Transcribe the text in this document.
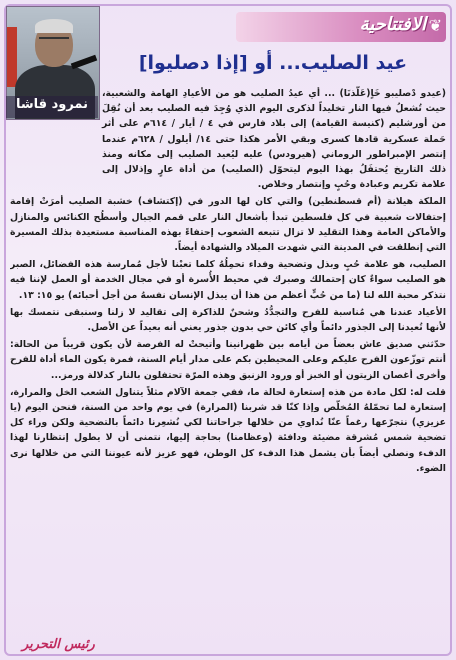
❦
الافتتاحية
نمرود قاشا
عيد الصليب... أو [إذا دصليوا]

(عيدو دْصليبو خَاٍ(عَلَّذنَا) ... أي عيدُ الصليب هو من الأعيادِ الهامة والشعبية، حيث تُشعلُ فيها النار تخليداً لذكرى اليوم الذي وُجِدَ فيه الصليب بعد أن نُقِلَ من أورشليم (كنيسة القيامة) إلى بلاد فارس في ٤ / أيار / ٦١٤م على أثر حَملة عسكرية قادها كسرى وبقي الأمر هكذا حتى ١٤/ أيلول / ٦٢٨م عندما إنتصر الإمبراطور الروماني (هيرودس) عليه ليُعيد الصليب إلى مكانه ومنذ ذلك التاريخ يُحتفَلُ بهذا اليوم ليتحوّل (الصليب) من أداة عارٍ وإذلال إلى علامة تكريم وعبادة وحُبٍ وإنتصار وخلاص.

الملكة هيلانة (أم قسطنطين) والتي كان لها الدور في (إكتشاف) خشبة الصليب أمرَتْ إقامة إحتفالات شعبية في كل فلسطين تبدأ بأشعال النار على قمم الجبال وأسطُح الكنائس والمنازل والأماكن العامة وهذا التقليد لا تزال تتبعه الشعوب إحتفاءً بهذه المناسبة مستعيدة بذلك المسيرة التي إنطلقت في المدينة التي شهدت الميلاد والشهادة أيضاً.

الصليب، هو علامة حُبٍ وبذل وتضحية وفداء تحمِلُهُ كلما تعبْنا لأجل مُمارسة هذه الفضائل، الصبر هو الصليب سواءٌ كان إحتمالك وصبرك في محيط الأُسرة أو في مجال الخدمة أو العمل لإننا فيه نتذكر محبة الله لنا (ما من حُبٍّ أعظم من هذا أن يبذل الإنسان نفسهُ من أجل أحبائه) يو ١٥: ١٣.

الأعياد عندنا هي مُناسبة للفرح والتجدُّدُ وشحنٌ للذاكرة إلى تقاليد لا زلنا وسنبقى نتمسك بها لأنها تُعيدنا إلى الجذور دائماً وأي كائن حي بدون جذور يعني أنه بعيداً عن الأصل.

حدّثني صديق عاش بعضاً من أيامه بين ظهرانينا وأتيحتْ له الفرصة لأن يكون قريباً من الحالة: أنتم توزّعون الفرح عليكم وعلى المحيطين بكم على مدار أيام السنة، فمرة يكون الماء أداة للفرح وأخرى أغصان الزيتون أو الخبز أو ورود الزنبق وهذه المرّة تحتفلون بالنار كدلالة ورمز...

قلت له: لكل مادة من هذه إستعارة لحالة ما، ففي جمعة الآلام مثلاً يتناول الشعب الخل والمرارة، إستعارة لما تحمّلهُ المُخلّص وإذا كنّا قد شربنا (المرارة) في يوم واحد من السنة، فنحن اليوم (يا عزيزي) نتجرّعها رغماً عنّا نُداوي من خلالها جراحاتنا لكي نُشعِرنا دائماً بالتضحية ولكن وراء كل تضحية شمس مُشرقة مضيئة ودافئة (وعظامنا) بحاجة إليها، نتمنى أن لا يطول إنتظارنا لهذا الدفء ونصلي أيضاً بأن يشمل هذا الدفء كل الوطن، فهو عزيز لأنه عيوننا التي من خلالها نرى الضوء.

رئيس التحرير
